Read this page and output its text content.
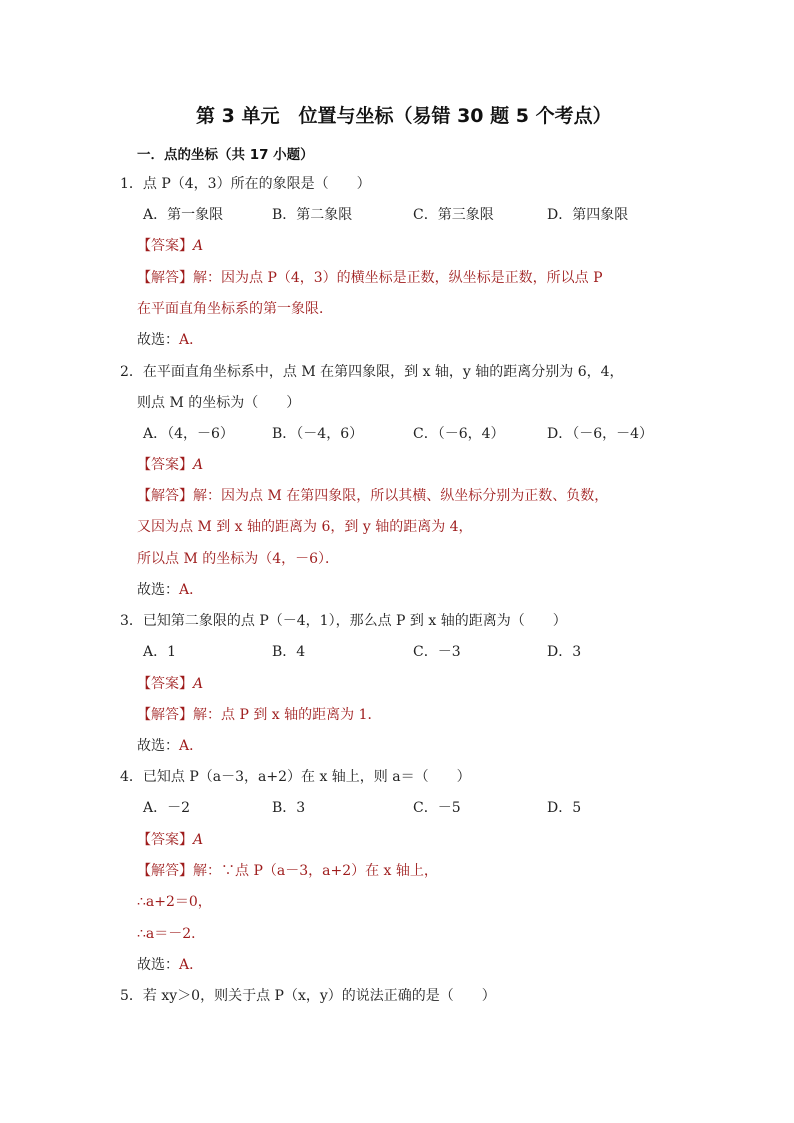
第 3 单元　位置与坐标（易错 30 题 5 个考点）
一．点的坐标（共 17 小题）
1．点 P（4，3）所在的象限是（　　）
A．第一象限	B．第二象限	C．第三象限	D．第四象限
【答案】A
【解答】解：因为点 P（4，3）的横坐标是正数，纵坐标是正数，所以点 P
在平面直角坐标系的第一象限．
故选：A．
2．在平面直角坐标系中，点 M 在第四象限，到 x 轴，y 轴的距离分别为 6，4，
则点 M 的坐标为（　　）
A．（4，－6）	B．（－4，6）	C．（－6，4）	D．（－6，－4）
【答案】A
【解答】解：因为点 M 在第四象限，所以其横、纵坐标分别为正数、负数，
又因为点 M 到 x 轴的距离为 6，到 y 轴的距离为 4，
所以点 M 的坐标为（4，－6）．
故选：A．
3．已知第二象限的点 P（－4，1），那么点 P 到 x 轴的距离为（　　）
A．1	B．4	C．－3	D．3
【答案】A
【解答】解：点 P 到 x 轴的距离为 1．
故选：A．
4．已知点 P（a－3，a+2）在 x 轴上，则 a＝（　　）
A．－2	B．3	C．－5	D．5
【答案】A
【解答】解：∵点 P（a－3，a+2）在 x 轴上，
∴a+2＝0，
∴a＝－2．
故选：A．
5．若 xy＞0，则关于点 P（x，y）的说法正确的是（　　）
